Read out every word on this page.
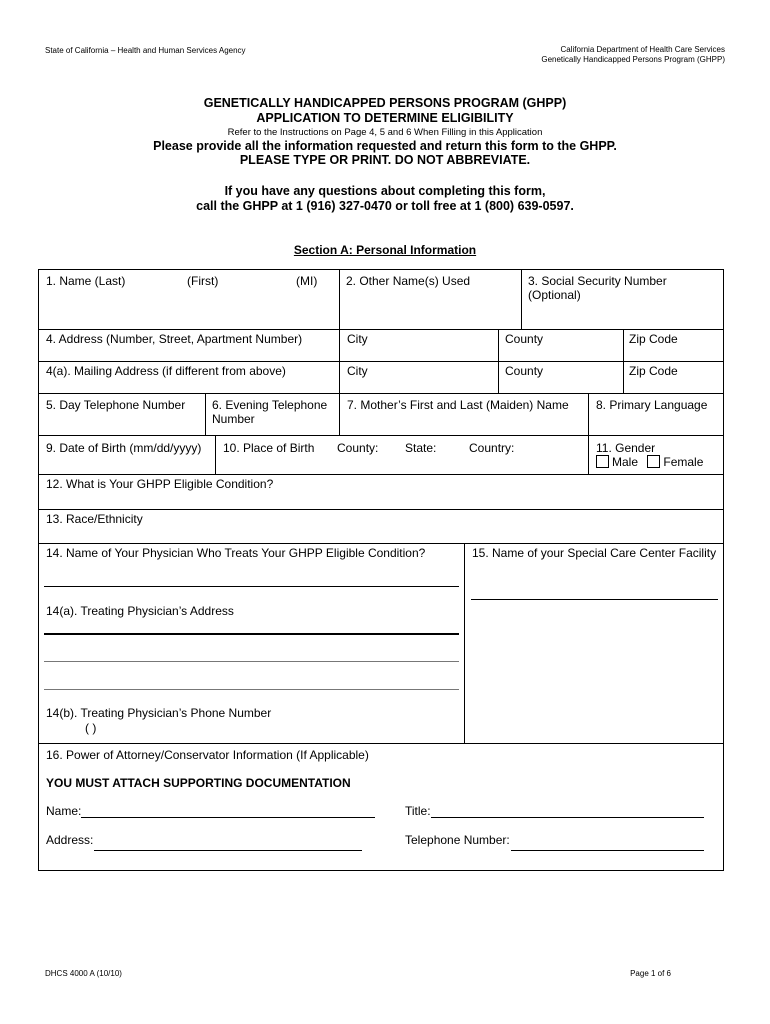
State of California – Health and Human Services Agency	California Department of Health Care Services
Genetically Handicapped Persons Program (GHPP)
GENETICALLY HANDICAPPED PERSONS PROGRAM (GHPP)
APPLICATION TO DETERMINE ELIGIBILITY
Refer to the Instructions on Page 4, 5 and 6 When Filling in this Application
Please provide all the information requested and return this form to the GHPP.
PLEASE TYPE OR PRINT. DO NOT ABBREVIATE.
If you have any questions about completing this form,
call the GHPP at 1 (916) 327-0470 or toll free at 1 (800) 639-0597.
Section A: Personal Information
1. Name (Last)	(First)	(MI) 2. Other Name(s) Used	3. Social Security Number
(Optional)
4. Address (Number, Street, Apartment Number)	City	County	Zip Code
4(a). Mailing Address (if different from above)	City	County	Zip Code
5. Day Telephone Number 6. Evening Telephone
Number
7. Mother’s First and Last (Maiden) Name 8. Primary Language
9. Date of Birth (mm/dd/yyyy) 10. Place of Birth County: State:	Country:	11. Gender
Male Female
12. What is Your GHPP Eligible Condition?
13. Race/Ethnicity
14. Name of Your Physician Who Treats Your GHPP Eligible Condition?	15. Name of your Special Care Center Facility
14(a). Treating Physician’s Address
14(b). Treating Physician’s Phone Number
( )
16. Power of Attorney/Conservator Information (If Applicable)
YOU MUST ATTACH SUPPORTING DOCUMENTATION
Name:	Title:
Address:	Telephone Number:
DHCS 4000 A (10/10)	Page 1 of 6
